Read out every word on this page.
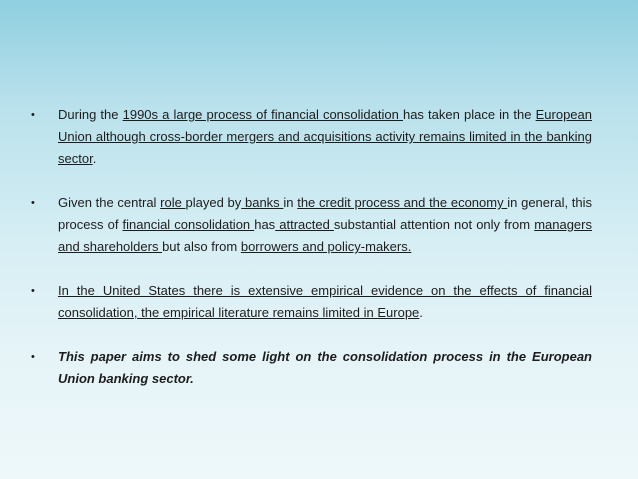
• During the 1990s a large process of financial consolidation has taken place in the European Union although cross-border mergers and acquisitions activity remains limited in the banking sector.
• Given the central role played by banks in the credit process and the economy in general, this process of financial consolidation has attracted substantial attention not only from managers and shareholders but also from borrowers and policy-makers.
• In the United States there is extensive empirical evidence on the effects of financial consolidation, the empirical literature remains limited in Europe.
• This paper aims to shed some light on the consolidation process in the European Union banking sector.
